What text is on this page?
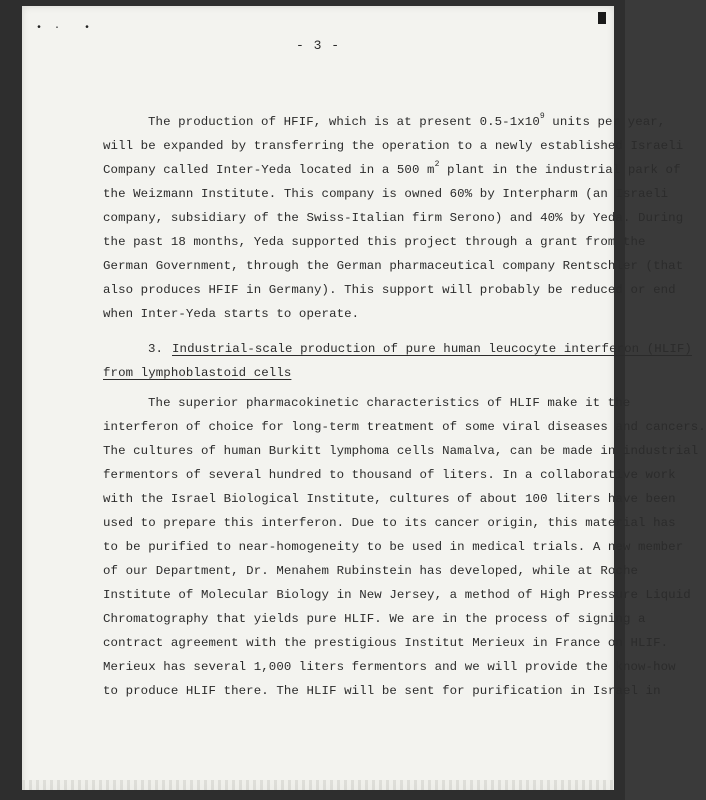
•  ·    •
- 3 -
The production of HFIF, which is at present $0.5-1x10^9$ units per year,
will be expanded by transferring the operation to a newly established Israeli
Company called Inter-Yeda located in a 500 $m^2$ plant in the industrial park of
the Weizmann Institute. This company is owned 60% by Interpharm (an Israeli
company, subsidiary of the Swiss-Italian firm Serono) and 40% by Yeda. During
the past 18 months, Yeda supported this project through a grant from the
German Government, through the German pharmaceutical company Rentschler (that
also produces HFIF in Germany). This support will probably be reduced or end
when Inter-Yeda starts to operate.
3. Industrial-scale production of pure human leucocyte interferon (HLIF)
from lymphoblastoid cells
The superior pharmacokinetic characteristics of HLIF make it the
interferon of choice for long-term treatment of some viral diseases and cancers.
The cultures of human Burkitt lymphoma cells Namalva, can be made in industrial
fermentors of several hundred to thousand of liters. In a collaborative work
with the Israel Biological Institute, cultures of about 100 liters have been
used to prepare this interferon. Due to its cancer origin, this material has
to be purified to near-homogeneity to be used in medical trials. A new member
of our Department, Dr. Menahem Rubinstein has developed, while at Roche
Institute of Molecular Biology in New Jersey, a method of High Pressure Liquid
Chromatography that yields pure HLIF. We are in the process of signing a
contract agreement with the prestigious Institut Merieux in France on HLIF.
Merieux has several 1,000 liters fermentors and we will provide the know-how
to produce HLIF there. The HLIF will be sent for purification in Israel in
